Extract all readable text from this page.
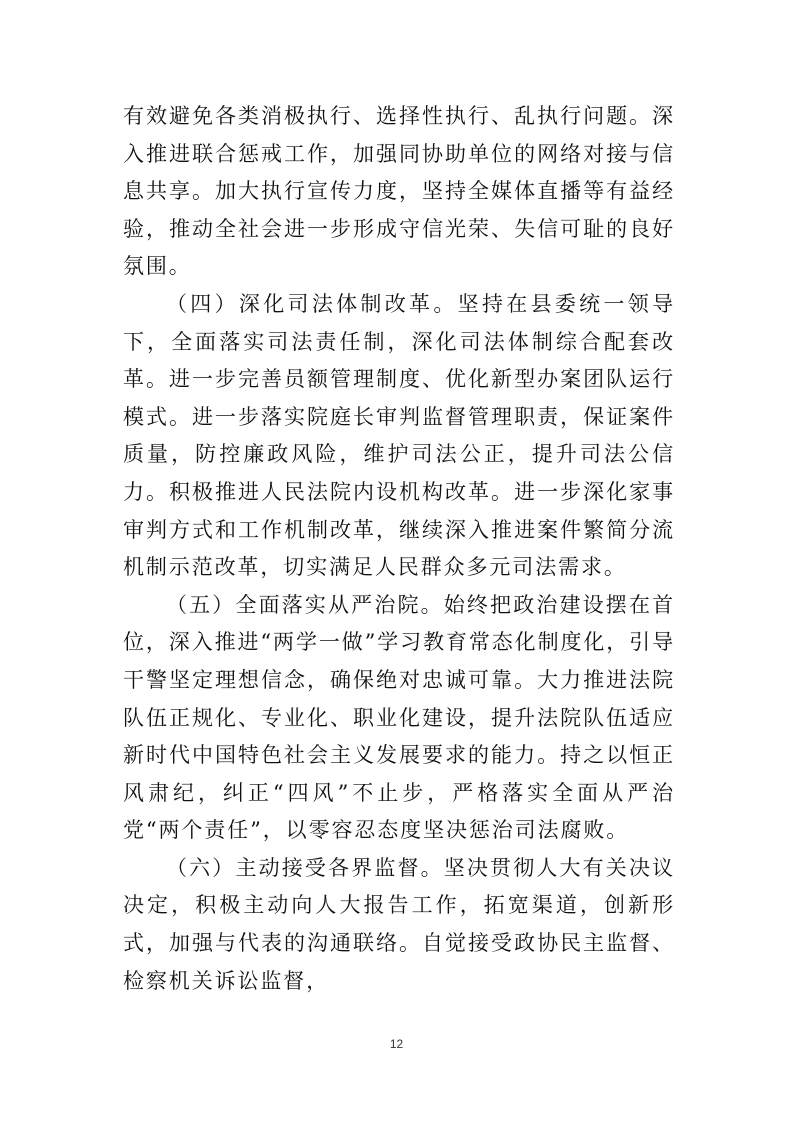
有效避免各类消极执行、选择性执行、乱执行问题。深入推进联合惩戒工作，加强同协助单位的网络对接与信息共享。加大执行宣传力度，坚持全媒体直播等有益经验，推动全社会进一步形成守信光荣、失信可耻的良好氛围。

（四）深化司法体制改革。坚持在县委统一领导下，全面落实司法责任制，深化司法体制综合配套改革。进一步完善员额管理制度、优化新型办案团队运行模式。进一步落实院庭长审判监督管理职责，保证案件质量，防控廉政风险，维护司法公正，提升司法公信力。积极推进人民法院内设机构改革。进一步深化家事审判方式和工作机制改革，继续深入推进案件繁简分流机制示范改革，切实满足人民群众多元司法需求。

（五）全面落实从严治院。始终把政治建设摆在首位，深入推进“两学一做”学习教育常态化制度化，引导干警坚定理想信念，确保绝对忠诚可靠。大力推进法院队伍正规化、专业化、职业化建设，提升法院队伍适应新时代中国特色社会主义发展要求的能力。持之以恒正风肃纪，纠正“四风”不止步，严格落实全面从严治党“两个责任”，以零容忍态度坚决惩治司法腐败。

（六）主动接受各界监督。坚决贯彻人大有关决议决定，积极主动向人大报告工作，拓宽渠道，创新形式，加强与代表的沟通联络。自觉接受政协民主监督、检察机关诉讼监督，

12
